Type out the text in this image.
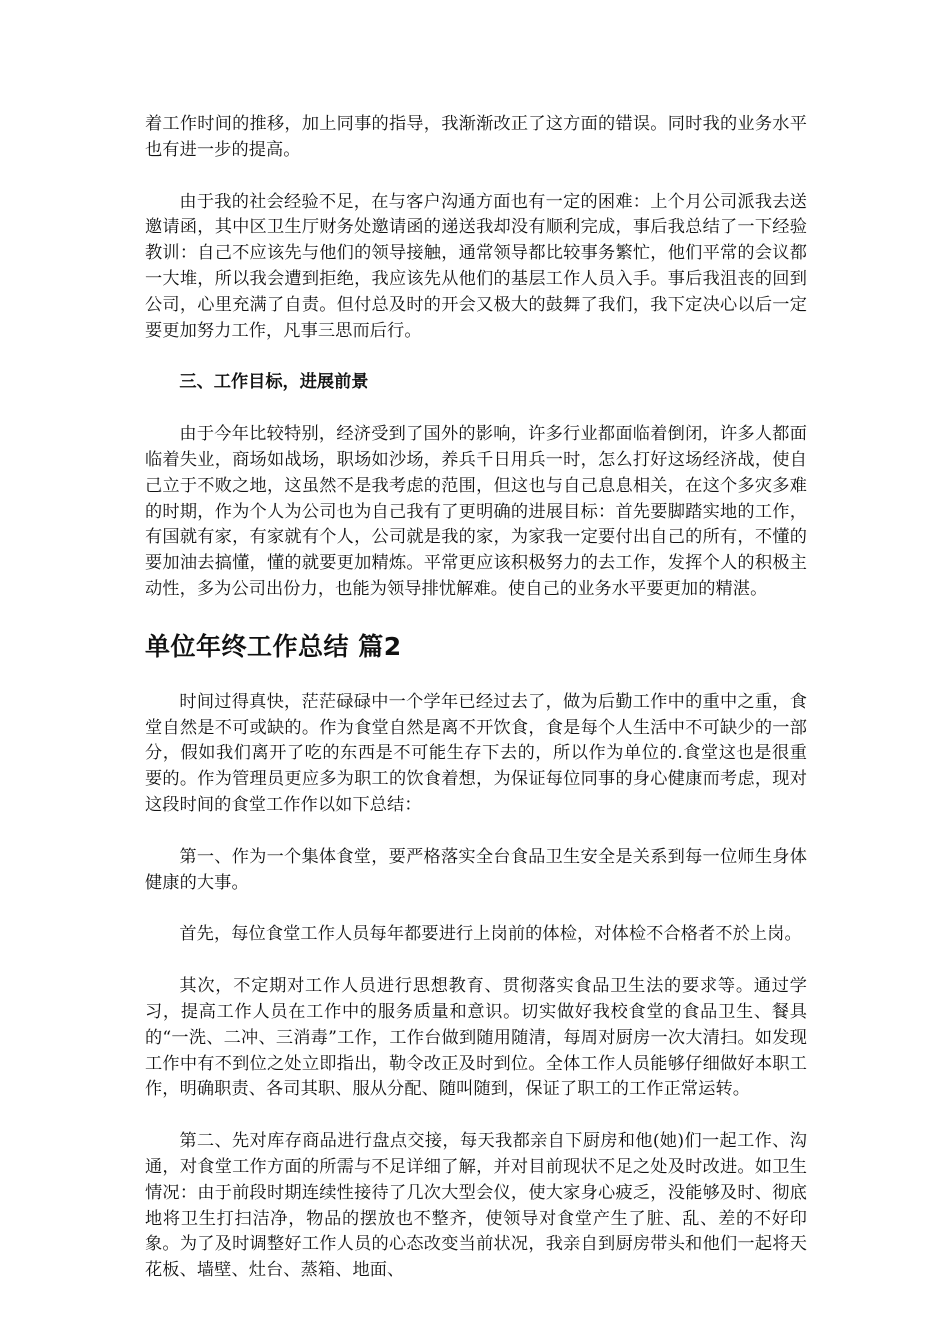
着工作时间的推移，加上同事的指导，我渐渐改正了这方面的错误。同时我的业务水平也有进一步的提高。

由于我的社会经验不足，在与客户沟通方面也有一定的困难：上个月公司派我去送邀请函，其中区卫生厅财务处邀请函的递送我却没有顺利完成，事后我总结了一下经验教训：自己不应该先与他们的领导接触，通常领导都比较事务繁忙，他们平常的会议都一大堆，所以我会遭到拒绝，我应该先从他们的基层工作人员入手。事后我沮丧的回到公司，心里充满了自责。但付总及时的开会又极大的鼓舞了我们，我下定决心以后一定要更加努力工作，凡事三思而后行。

三、工作目标，进展前景

由于今年比较特别，经济受到了国外的影响，许多行业都面临着倒闭，许多人都面临着失业，商场如战场，职场如沙场，养兵千日用兵一时，怎么打好这场经济战，使自己立于不败之地，这虽然不是我考虑的范围，但这也与自己息息相关，在这个多灾多难的时期，作为个人为公司也为自己我有了更明确的进展目标：首先要脚踏实地的工作，有国就有家，有家就有个人，公司就是我的家，为家我一定要付出自己的所有，不懂的要加油去搞懂，懂的就要更加精炼。平常更应该积极努力的去工作，发挥个人的积极主动性，多为公司出份力，也能为领导排忧解难。使自己的业务水平要更加的精湛。

单位年终工作总结 篇2

时间过得真快，茫茫碌碌中一个学年已经过去了，做为后勤工作中的重中之重，食堂自然是不可或缺的。作为食堂自然是离不开饮食，食是每个人生活中不可缺少的一部分，假如我们离开了吃的东西是不可能生存下去的，所以作为单位的.食堂这也是很重要的。作为管理员更应多为职工的饮食着想，为保证每位同事的身心健康而考虑，现对这段时间的食堂工作作以如下总结：

第一、作为一个集体食堂，要严格落实全台食品卫生安全是关系到每一位师生身体健康的大事。

首先，每位食堂工作人员每年都要进行上岗前的体检，对体检不合格者不於上岗。

其次，不定期对工作人员进行思想教育、贯彻落实食品卫生法的要求等。通过学习，提高工作人员在工作中的服务质量和意识。切实做好我校食堂的食品卫生、餐具的“一洗、二冲、三消毒”工作，工作台做到随用随清，每周对厨房一次大清扫。如发现工作中有不到位之处立即指出，勒令改正及时到位。全体工作人员能够仔细做好本职工作，明确职责、各司其职、服从分配、随叫随到，保证了职工的工作正常运转。

第二、先对库存商品进行盘点交接，每天我都亲自下厨房和他(她)们一起工作、沟通，对食堂工作方面的所需与不足详细了解，并对目前现状不足之处及时改进。如卫生情况：由于前段时期连续性接待了几次大型会仪，使大家身心疲乏，没能够及时、彻底地将卫生打扫洁净，物品的摆放也不整齐，使领导对食堂产生了脏、乱、差的不好印象。为了及时调整好工作人员的心态改变当前状况，我亲自到厨房带头和他们一起将天花板、墙壁、灶台、蒸箱、地面、
